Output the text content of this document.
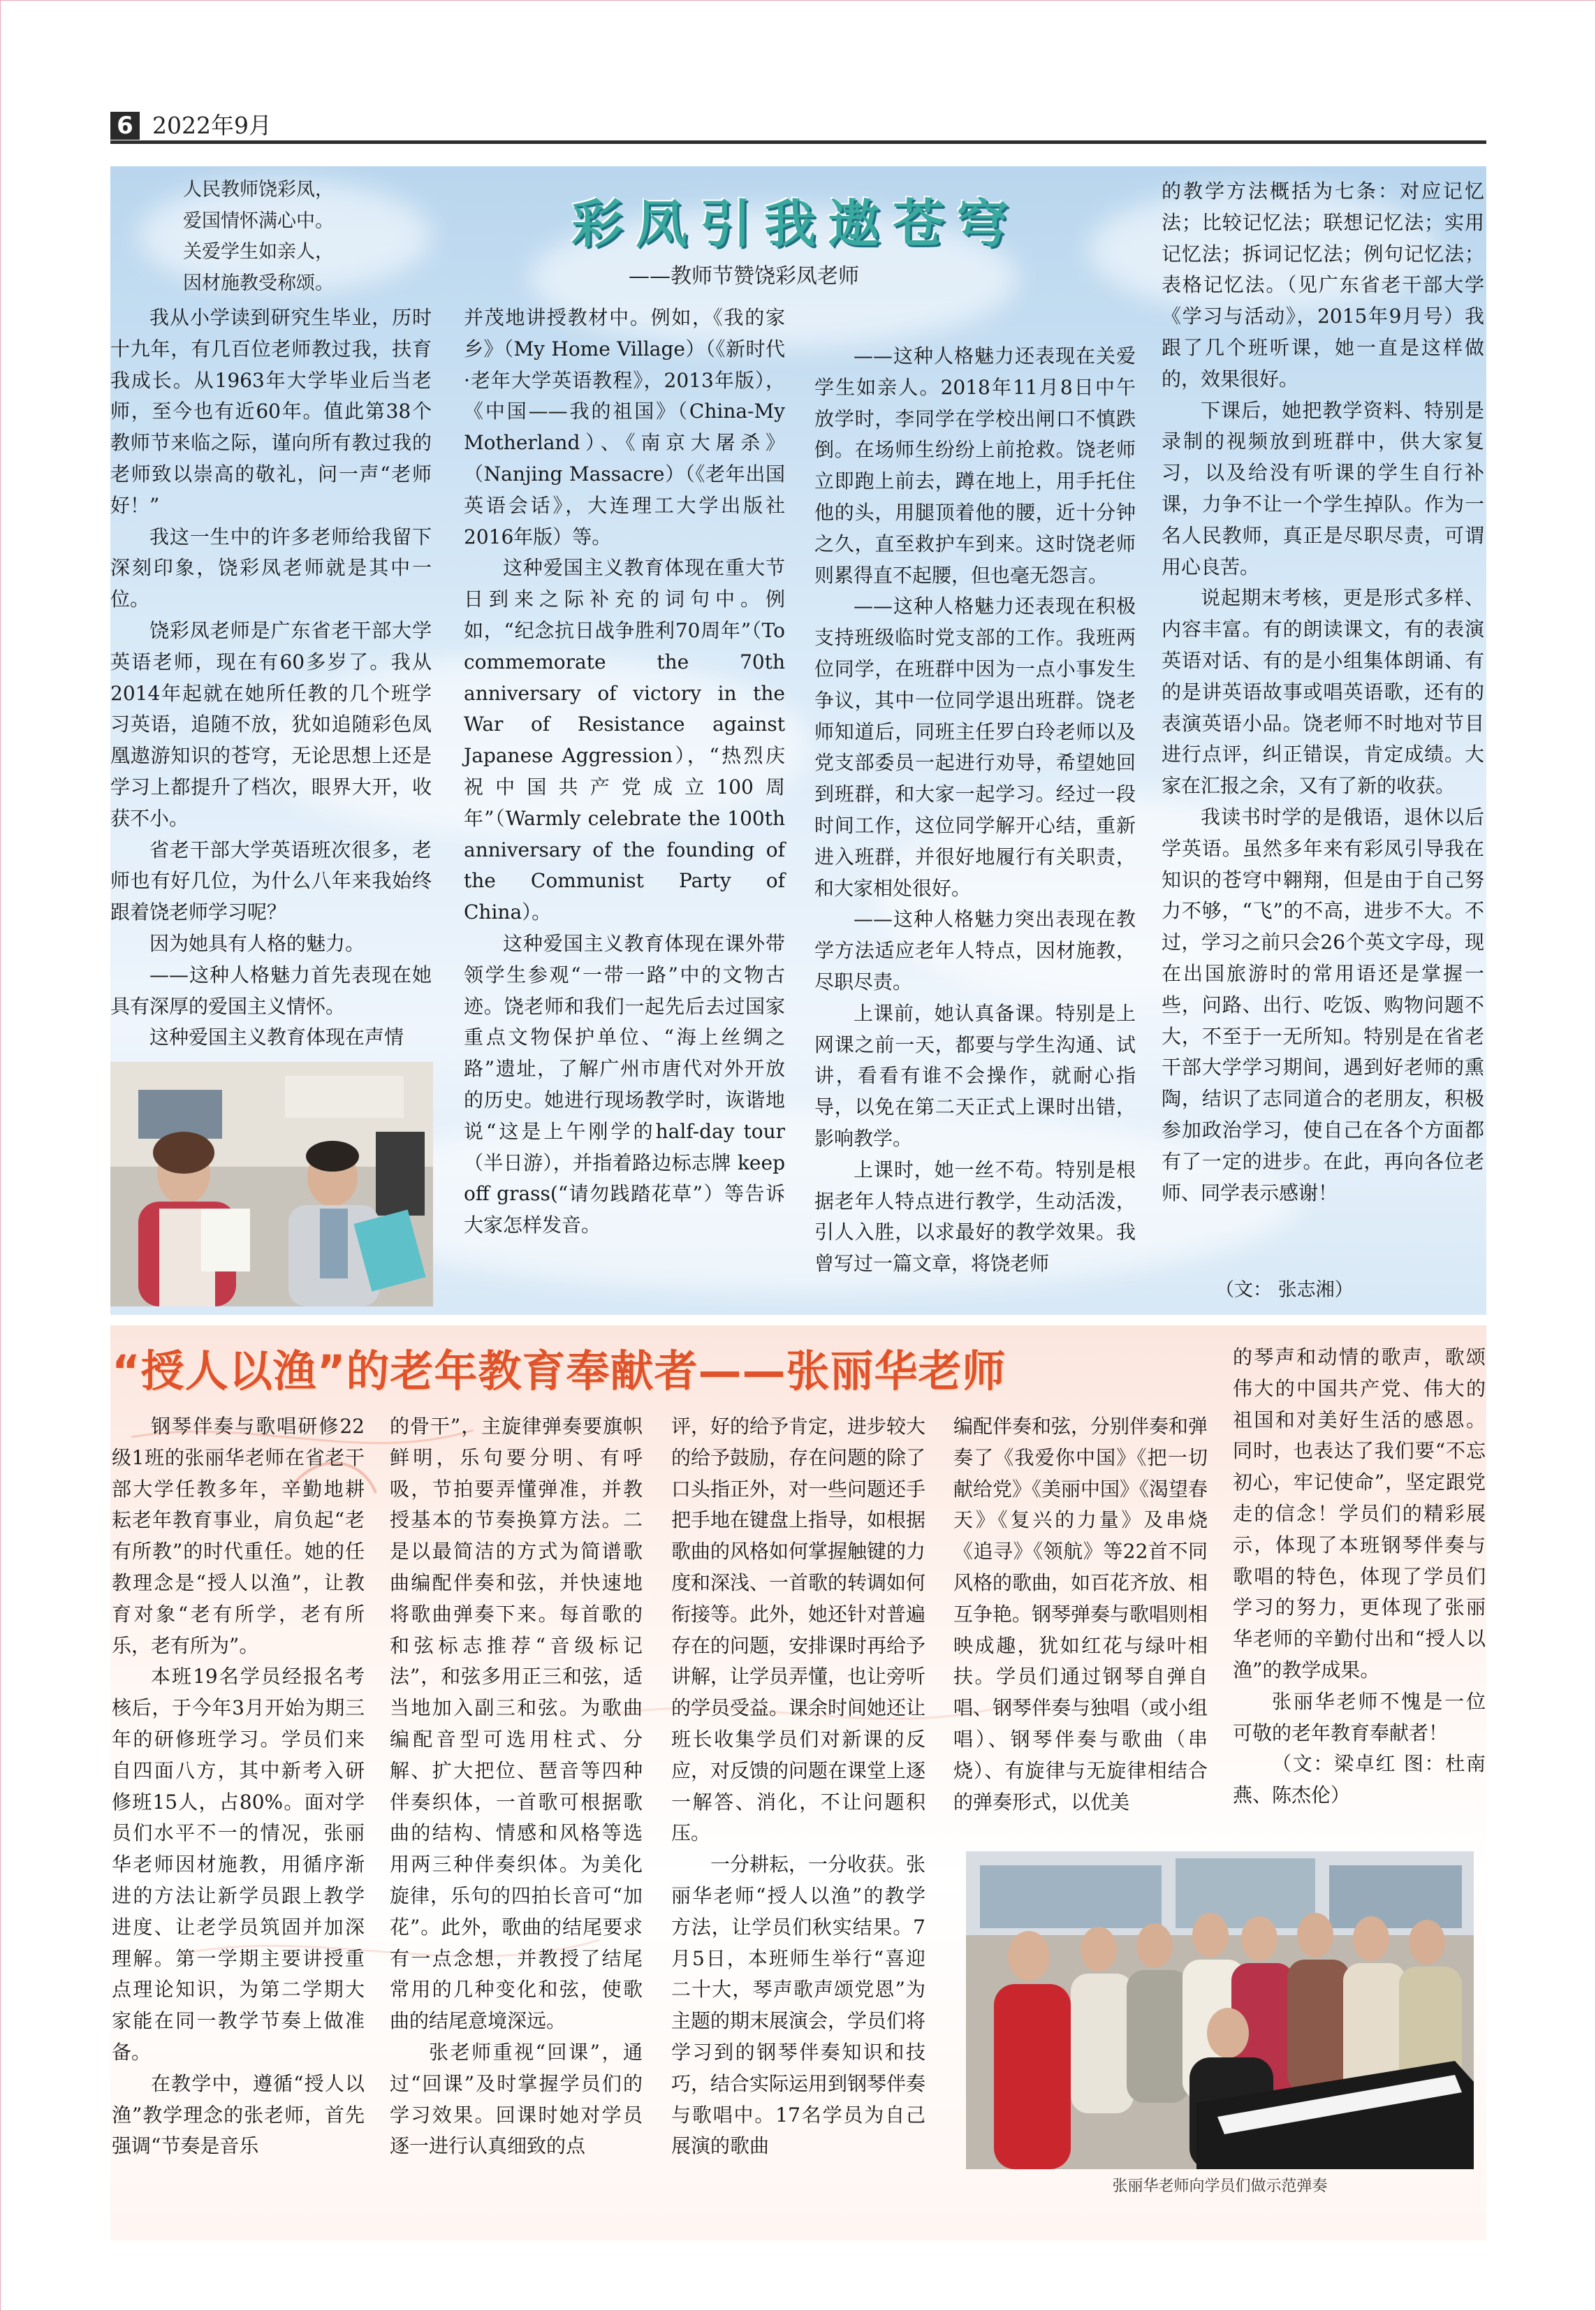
6 2022年9月
人民教师饶彩凤，
爱国情怀满心中。
关爱学生如亲人，
因材施教受称颂。
彩凤引我遨苍穹
——教师节赞饶彩凤老师

我从小学读到研究生毕业，历时十九年，有几百位老师教过我，扶育我成长。从1963年大学毕业后当老师，至今也有近60年。值此第38个教师节来临之际，谨向所有教过我的老师致以崇高的敬礼，问一声“老师好！”

我这一生中的许多老师给我留下深刻印象，饶彩凤老师就是其中一位。

饶彩凤老师是广东省老干部大学英语老师，现在有60多岁了。我从2014年起就在她所任教的几个班学习英语，追随不放，犹如追随彩色凤凰遨游知识的苍穹，无论思想上还是学习上都提升了档次，眼界大开，收获不小。

省老干部大学英语班次很多，老师也有好几位，为什么八年来我始终跟着饶老师学习呢？

因为她具有人格的魅力。

——这种人格魅力首先表现在她具有深厚的爱国主义情怀。

这种爱国主义教育体现在声情

并茂地讲授教材中。例如，《我的家乡》（My Home Village）（《新时代·老年大学英语教程》，2013年版），《中国——我的祖国》（China-My Motherland）、《南京大屠杀》（Nanjing Massacre）（《老年出国英语会话》，大连理工大学出版社2016年版）等。

这种爱国主义教育体现在重大节日到来之际补充的词句中。例如，“纪念抗日战争胜利70周年”（To commemorate the 70th anniversary of victory in the War of Resistance against Japanese Aggression），“热烈庆祝中国共产党成立100周年”（Warmly celebrate the 100th anniversary of the founding of the Communist Party of China）。

这种爱国主义教育体现在课外带领学生参观“一带一路”中的文物古迹。饶老师和我们一起先后去过国家重点文物保护单位、“海上丝绸之路”遗址，了解广州市唐代对外开放的历史。她进行现场教学时，诙谐地说“这是上午刚学的half-day tour（半日游），并指着路边标志牌 keep off grass(“请勿践踏花草”）等告诉大家怎样发音。

——这种人格魅力还表现在关爱学生如亲人。2018年11月8日中午放学时，李同学在学校出闸口不慎跌倒。在场师生纷纷上前抢救。饶老师立即跑上前去，蹲在地上，用手托住他的头，用腿顶着他的腰，近十分钟之久，直至救护车到来。这时饶老师则累得直不起腰，但也毫无怨言。

——这种人格魅力还表现在积极支持班级临时党支部的工作。我班两位同学，在班群中因为一点小事发生争议，其中一位同学退出班群。饶老师知道后，同班主任罗白玲老师以及党支部委员一起进行劝导，希望她回到班群，和大家一起学习。经过一段时间工作，这位同学解开心结，重新进入班群，并很好地履行有关职责，和大家相处很好。

——这种人格魅力突出表现在教学方法适应老年人特点，因材施教，尽职尽责。

上课前，她认真备课。特别是上网课之前一天，都要与学生沟通、试讲，看看有谁不会操作，就耐心指导，以免在第二天正式上课时出错，影响教学。

上课时，她一丝不苟。特别是根据老年人特点进行教学，生动活泼，引人入胜，以求最好的教学效果。我曾写过一篇文章，将饶老师

的教学方法概括为七条：对应记忆法；比较记忆法；联想记忆法；实用记忆法；拆词记忆法；例句记忆法；表格记忆法。（见广东省老干部大学《学习与活动》，2015年9月号）我跟了几个班听课，她一直是这样做的，效果很好。

下课后，她把教学资料、特别是录制的视频放到班群中，供大家复习，以及给没有听课的学生自行补课，力争不让一个学生掉队。作为一名人民教师，真正是尽职尽责，可谓用心良苦。

说起期末考核，更是形式多样、内容丰富。有的朗读课文，有的表演英语对话、有的是小组集体朗诵、有的是讲英语故事或唱英语歌，还有的表演英语小品。饶老师不时地对节目进行点评，纠正错误，肯定成绩。大家在汇报之余，又有了新的收获。

我读书时学的是俄语，退休以后学英语。虽然多年来有彩凤引导我在知识的苍穹中翱翔，但是由于自己努力不够，“飞”的不高，进步不大。不过，学习之前只会26个英文字母，现在出国旅游时的常用语还是掌握一些，问路、出行、吃饭、购物问题不大，不至于一无所知。特别是在省老干部大学学习期间，遇到好老师的熏陶，结识了志同道合的老朋友，积极参加政治学习，使自己在各个方面都有了一定的进步。在此，再向各位老师、同学表示感谢！

（文： 张志湘）
“授人以渔”的老年教育奉献者——张丽华老师

钢琴伴奏与歌唱研修22级1班的张丽华老师在省老干部大学任教多年，辛勤地耕耘老年教育事业，肩负起“老有所教”的时代重任。她的任教理念是“授人以渔”，让教育对象“老有所学，老有所乐，老有所为”。

本班19名学员经报名考核后，于今年3月开始为期三年的研修班学习。学员们来自四面八方，其中新考入研修班15人，占80%。面对学员们水平不一的情况，张丽华老师因材施教，用循序渐进的方法让新学员跟上教学进度、让老学员筑固并加深理解。第一学期主要讲授重点理论知识，为第二学期大家能在同一教学节奏上做准备。

在教学中，遵循“授人以渔”教学理念的张老师，首先强调“节奏是音乐

的骨干”，主旋律弹奏要旗帜鲜明，乐句要分明、有呼吸，节拍要弄懂弹准，并教授基本的节奏换算方法。二是以最简洁的方式为简谱歌曲编配伴奏和弦，并快速地将歌曲弹奏下来。每首歌的和弦标志推荐“音级标记法”，和弦多用正三和弦，适当地加入副三和弦。为歌曲编配音型可选用柱式、分解、扩大把位、琶音等四种伴奏织体，一首歌可根据歌曲的结构、情感和风格等选用两三种伴奏织体。为美化旋律，乐句的四拍长音可“加花”。此外，歌曲的结尾要求有一点念想，并教授了结尾常用的几种变化和弦，使歌曲的结尾意境深远。

张老师重视“回课”，通过“回课”及时掌握学员们的学习效果。回课时她对学员逐一进行认真细致的点

评，好的给予肯定，进步较大的给予鼓励，存在问题的除了口头指正外，对一些问题还手把手地在键盘上指导，如根据歌曲的风格如何掌握触键的力度和深浅、一首歌的转调如何衔接等。此外，她还针对普遍存在的问题，安排课时再给予讲解，让学员弄懂，也让旁听的学员受益。课余时间她还让班长收集学员们对新课的反应，对反馈的问题在课堂上逐一解答、消化，不让问题积压。

一分耕耘，一分收获。张丽华老师“授人以渔”的教学方法，让学员们秋实结果。7月5日，本班师生举行“喜迎二十大，琴声歌声颂党恩”为主题的期末展演会，学员们将学习到的钢琴伴奏知识和技巧，结合实际运用到钢琴伴奏与歌唱中。17名学员为自己展演的歌曲

编配伴奏和弦，分别伴奏和弹奏了《我爱你中国》《把一切献给党》《美丽中国》《渴望春天》《复兴的力量》及串烧《追寻》《领航》等22首不同风格的歌曲，如百花齐放、相互争艳。钢琴弹奏与歌唱则相映成趣，犹如红花与绿叶相扶。学员们通过钢琴自弹自唱、钢琴伴奏与独唱（或小组唱）、钢琴伴奏与歌曲（串烧）、有旋律与无旋律相结合的弹奏形式，以优美

的琴声和动情的歌声，歌颂伟大的中国共产党、伟大的祖国和对美好生活的感恩。同时，也表达了我们要“不忘初心，牢记使命”，坚定跟党走的信念！学员们的精彩展示，体现了本班钢琴伴奏与歌唱的特色，体现了学员们学习的努力，更体现了张丽华老师的辛勤付出和“授人以渔”的教学成果。

张丽华老师不愧是一位可敬的老年教育奉献者！

（文：梁卓红 图：杜南燕、陈杰伦）

张丽华老师向学员们做示范弹奏
